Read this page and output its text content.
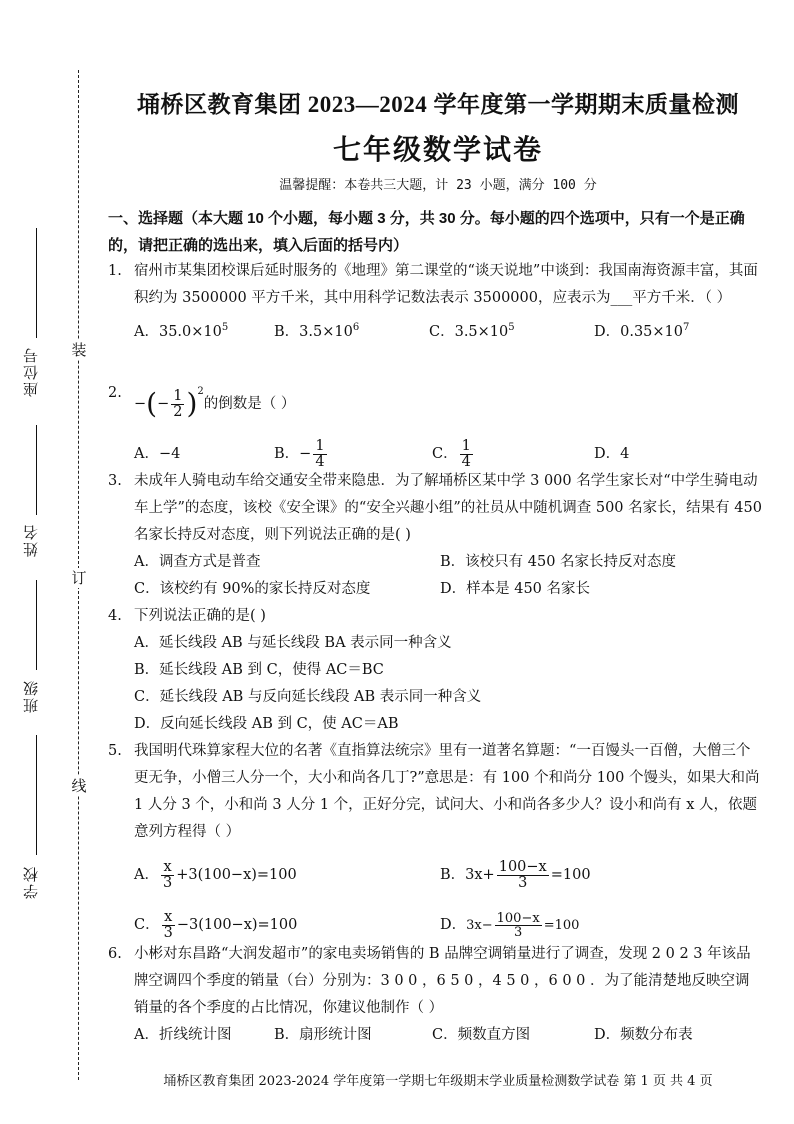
座位号
姓名
班级
学校
装
订
线
埇桥区教育集团 2023—2024 学年度第一学期期末质量检测
七年级数学试卷
温馨提醒：本卷共三大题，计 23 小题，满分 100 分
一、选择题（本大题 10 个小题，每小题 3 分，共 30 分。每小题的四个选项中，只有一个是正确的，请把正确的选出来，填入后面的括号内）
1. 宿州市某集团校课后延时服务的《地理》第二课堂的“谈天说地”中谈到：我国南海资源丰富，其面积约为 3500000 平方千米，其中用科学记数法表示 3500000，应表示为___平方千米．（ ）
A．$35.0\times 10^5$	B．$3.5\times 10^6$	C．$3.5\times 10^5$	D．$0.35\times 10^7$
2.
−(− $\frac{1}{2} )^2$的倒数是（ ）
A．−4	B．− $\frac{1}{4}$	C． $\frac{1}{4}$	D．4
3. 未成年人骑电动车给交通安全带来隐患．为了解埇桥区某中学 3 000 名学生家长对“中学生骑电动车上学”的态度，该校《安全课》的“安全兴趣小组”的社员从中随机调查 500 名家长，结果有 450 名家长持反对态度，则下列说法正确的是( )
A．调查方式是普查	B．该校只有 450 名家长持反对态度
C．该校约有 90%的家长持反对态度	D．样本是 450 名家长
4. 下列说法正确的是( )
A．延长线段 AB 与延长线段 BA 表示同一种含义
B．延长线段 AB 到 C，使得 AC＝BC
C．延长线段 AB 与反向延长线段 AB 表示同一种含义
D．反向延长线段 AB 到 C，使 AC＝AB
5. 我国明代珠算家程大位的名著《直指算法统宗》里有一道著名算题：“一百馒头一百僧，大僧三个更无争，小僧三人分一个，大小和尚各几丁?”意思是：有 100 个和尚分 100 个馒头，如果大和尚 1 人分 3 个，小和尚 3 人分 1 个，正好分完，试问大、小和尚各多少人？设小和尚有 x 人，依题意列方程得（ ）
A． $\frac{x}{3} +3(100-x)=100$	B．$3x+ \frac{100-x}{3} =100$
C． $\frac{x}{3} -3(100-x)=100$	D．$3x- \frac{100-x}{3} =100$
6. 小彬对东昌路“大润发超市”的家电卖场销售的 B 品牌空调销量进行了调查，发现 2 0 2 3 年该品牌空调四个季度的销量（台）分别为：3 0 0 ，6 5 0 ，4 5 0 ，6 0 0 ．为了能清楚地反映空调销量的各个季度的占比情况，你建议他制作（ ）
A．折线统计图	B．扇形统计图	C．频数直方图	D．频数分布表
埇桥区教育集团 2023-2024 学年度第一学期七年级期末学业质量检测数学试卷 第 1 页 共 4 页
